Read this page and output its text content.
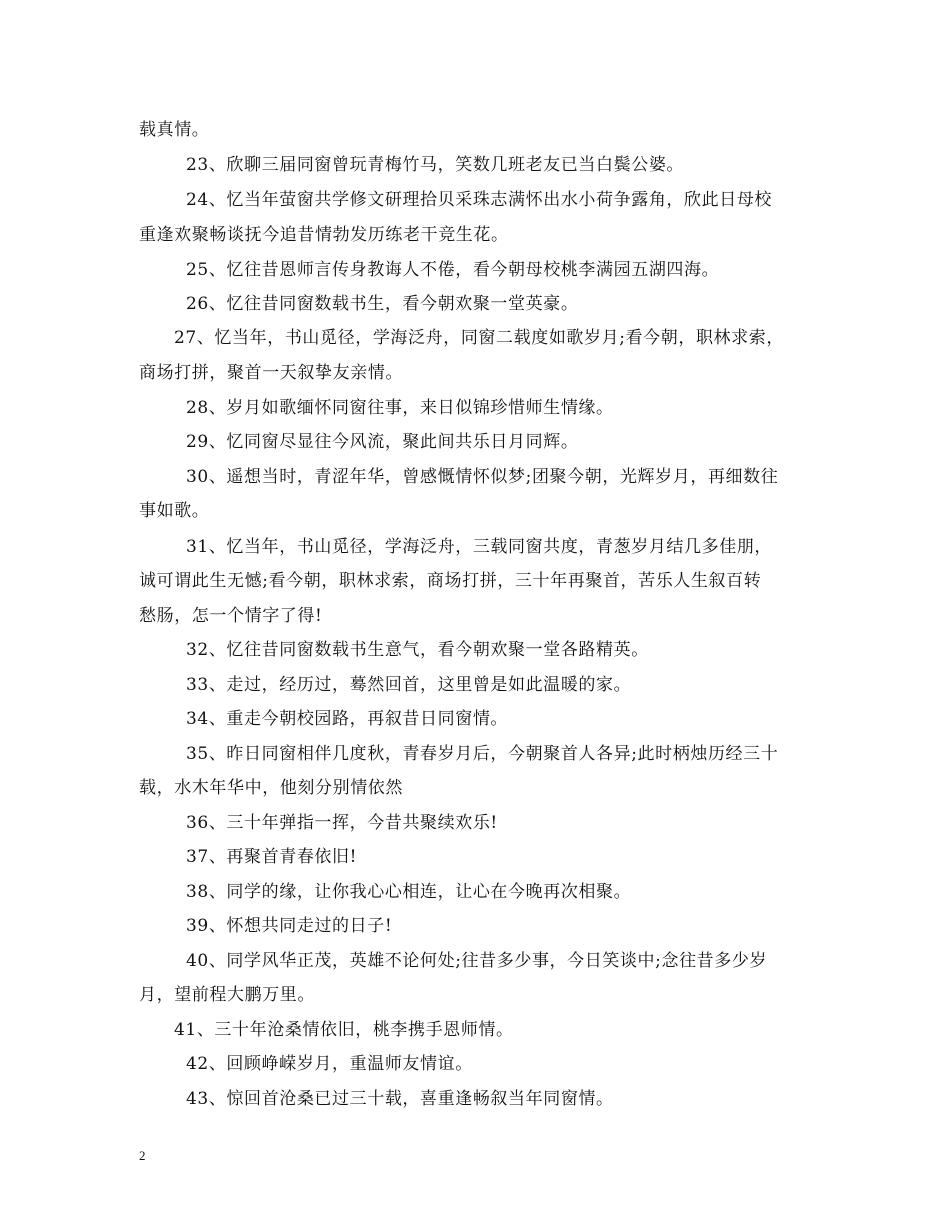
载真情。
23、欣聊三届同窗曾玩青梅竹马，笑数几班老友已当白鬓公婆。
24、忆当年萤窗共学修文研理拾贝采珠志满怀出水小荷争露角，欣此日母校
重逢欢聚畅谈抚今追昔情勃发历练老干竞生花。
25、忆往昔恩师言传身教诲人不倦，看今朝母校桃李满园五湖四海。
26、忆往昔同窗数载书生，看今朝欢聚一堂英豪。
27、忆当年，书山觅径，学海泛舟，同窗二载度如歌岁月;看今朝，职林求索，
商场打拼，聚首一天叙挚友亲情。
28、岁月如歌缅怀同窗往事，来日似锦珍惜师生情缘。
29、忆同窗尽显往今风流，聚此间共乐日月同辉。
30、遥想当时，青涩年华，曾感慨情怀似梦;团聚今朝，光辉岁月，再细数往
事如歌。
31、忆当年，书山觅径，学海泛舟，三载同窗共度，青葱岁月结几多佳朋，
诚可谓此生无憾;看今朝，职林求索，商场打拼，三十年再聚首，苦乐人生叙百转
愁肠，怎一个情字了得!
32、忆往昔同窗数载书生意气，看今朝欢聚一堂各路精英。
33、走过，经历过，蓦然回首，这里曾是如此温暖的家。
34、重走今朝校园路，再叙昔日同窗情。
35、昨日同窗相伴几度秋，青春岁月后，今朝聚首人各异;此时柄烛历经三十
载，水木年华中，他刻分别情依然
36、三十年弹指一挥，今昔共聚续欢乐!
37、再聚首青春依旧!
38、同学的缘，让你我心心相连，让心在今晚再次相聚。
39、怀想共同走过的日子!
40、同学风华正茂，英雄不论何处;往昔多少事，今日笑谈中;念往昔多少岁
月，望前程大鹏万里。
41、三十年沧桑情依旧，桃李携手恩师情。
42、回顾峥嵘岁月，重温师友情谊。
43、惊回首沧桑已过三十载，喜重逢畅叙当年同窗情。
2
